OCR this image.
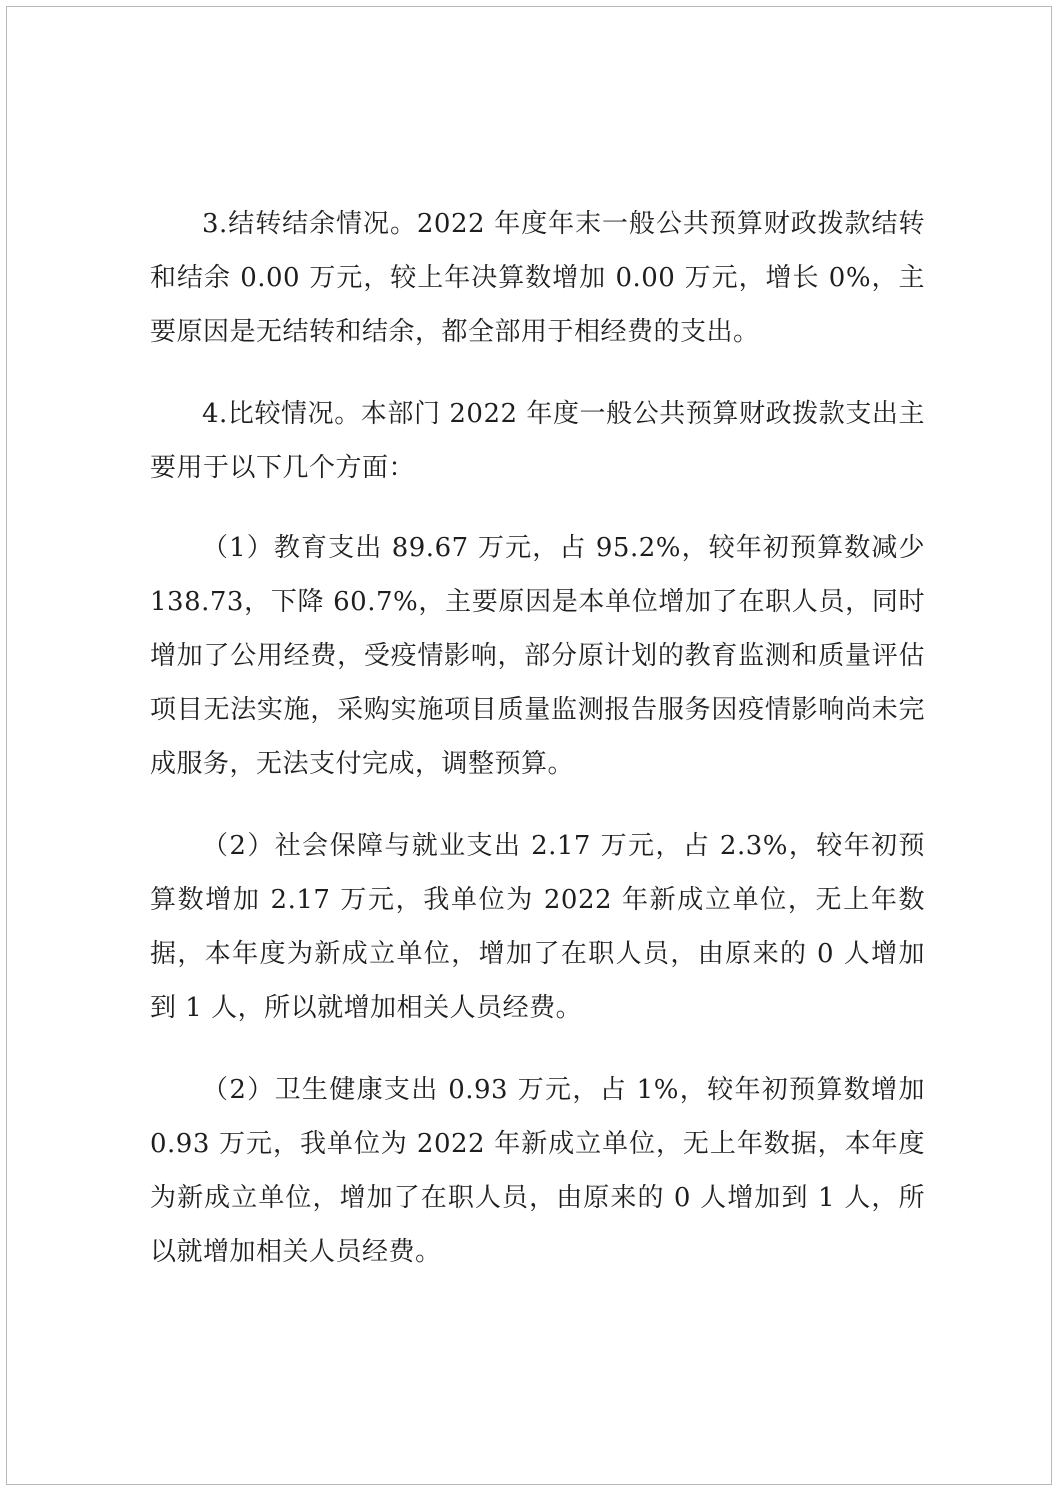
3.结转结余情况。2022 年度年末一般公共预算财政拨款结转和结余 0.00 万元，较上年决算数增加 0.00 万元，增长 0%，主要原因是无结转和结余，都全部用于相经费的支出。

4.比较情况。本部门 2022 年度一般公共预算财政拨款支出主要用于以下几个方面：

（1）教育支出 89.67 万元，占 95.2%，较年初预算数减少 138.73，下降 60.7%，主要原因是本单位增加了在职人员，同时增加了公用经费，受疫情影响，部分原计划的教育监测和质量评估项目无法实施，采购实施项目质量监测报告服务因疫情影响尚未完成服务，无法支付完成，调整预算。

（2）社会保障与就业支出 2.17 万元，占 2.3%，较年初预算数增加 2.17 万元，我单位为 2022 年新成立单位，无上年数据，本年度为新成立单位，增加了在职人员，由原来的 0 人增加到 1 人，所以就增加相关人员经费。

（2）卫生健康支出 0.93 万元，占 1%，较年初预算数增加 0.93 万元，我单位为 2022 年新成立单位，无上年数据，本年度为新成立单位，增加了在职人员，由原来的 0 人增加到 1 人，所以就增加相关人员经费。
